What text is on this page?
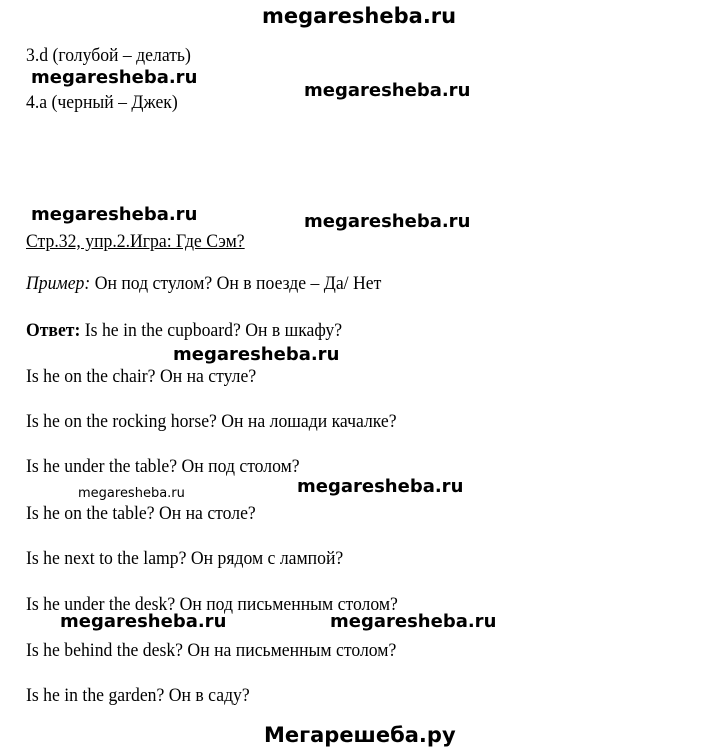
megaresheba.ru
megaresheba.ru
megaresheba.ru
megaresheba.ru	megaresheba.ru
megaresheba.ru
megaresheba.ru	megaresheba.ru
megaresheba.ru	megaresheba.ru
Мегарешеба.ру
3.d (голубой – делать)
4.a (черный – Джек)
Стр.32, упр.2.Игра: Где Сэм?
Пример: Он под стулом? Он в поезде – Да/ Нет
Ответ: Is he in the cupboard? Он в шкафу?
Is he on the chair? Он на стуле?
Is he on the rocking horse? Он на лошади качалке?
Is he under the table? Он под столом?
Is he on the table? Он на столе?
Is he next to the lamp? Он рядом с лампой?
Is he under the desk? Он под письменным столом?
Is he behind the desk? Он на письменным столом?
Is he in the garden? Он в саду?
